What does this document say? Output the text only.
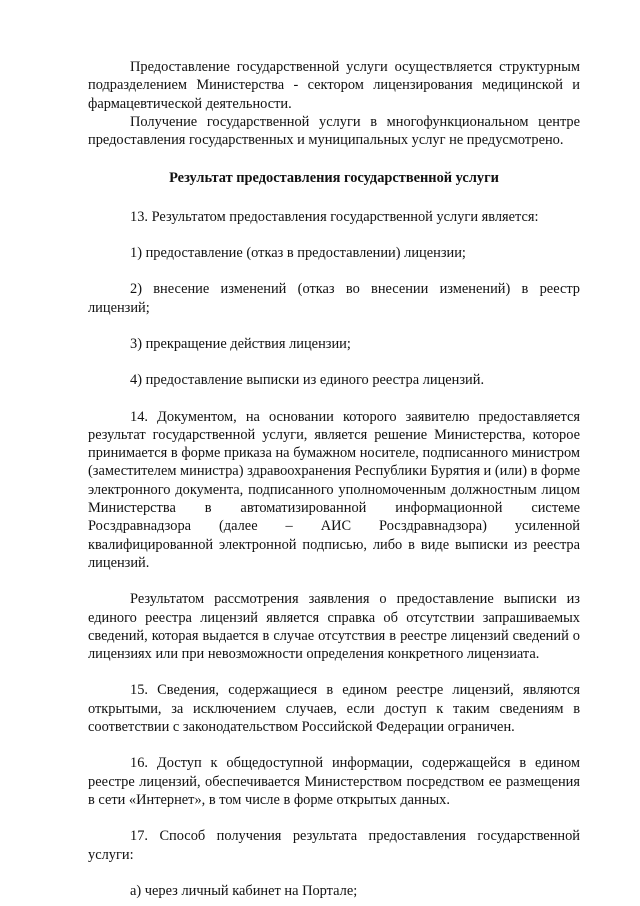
Предоставление государственной услуги осуществляется структурным подразделением Министерства - сектором лицензирования медицинской и фармацевтической деятельности.

Получение государственной услуги в многофункциональном центре предоставления государственных и муниципальных услуг не предусмотрено.

Результат предоставления государственной услуги

13. Результатом предоставления государственной услуги является:

1) предоставление (отказ в предоставлении) лицензии;

2) внесение изменений (отказ во внесении изменений) в реестр лицензий;

3) прекращение действия лицензии;

4) предоставление выписки из единого реестра лицензий.

14. Документом, на основании которого заявителю предоставляется результат государственной услуги, является решение Министерства, которое принимается в форме приказа на бумажном носителе, подписанного министром (заместителем министра) здравоохранения Республики Бурятия и (или) в форме электронного документа, подписанного уполномоченным должностным лицом Министерства в автоматизированной информационной системе Росздравнадзора (далее – АИС Росздравнадзора) усиленной квалифицированной электронной подписью, либо в виде выписки из реестра лицензий.

Результатом рассмотрения заявления о предоставление выписки из единого реестра лицензий является справка об отсутствии запрашиваемых сведений, которая выдается в случае отсутствия в реестре лицензий сведений о лицензиях или при невозможности определения конкретного лицензиата.

15. Сведения, содержащиеся в едином реестре лицензий, являются открытыми, за исключением случаев, если доступ к таким сведениям в соответствии с законодательством Российской Федерации ограничен.

16. Доступ к общедоступной информации, содержащейся в едином реестре лицензий, обеспечивается Министерством посредством ее размещения в сети «Интернет», в том числе в форме открытых данных.

17. Способ получения результата предоставления государственной услуги:

а) через личный кабинет на Портале;
